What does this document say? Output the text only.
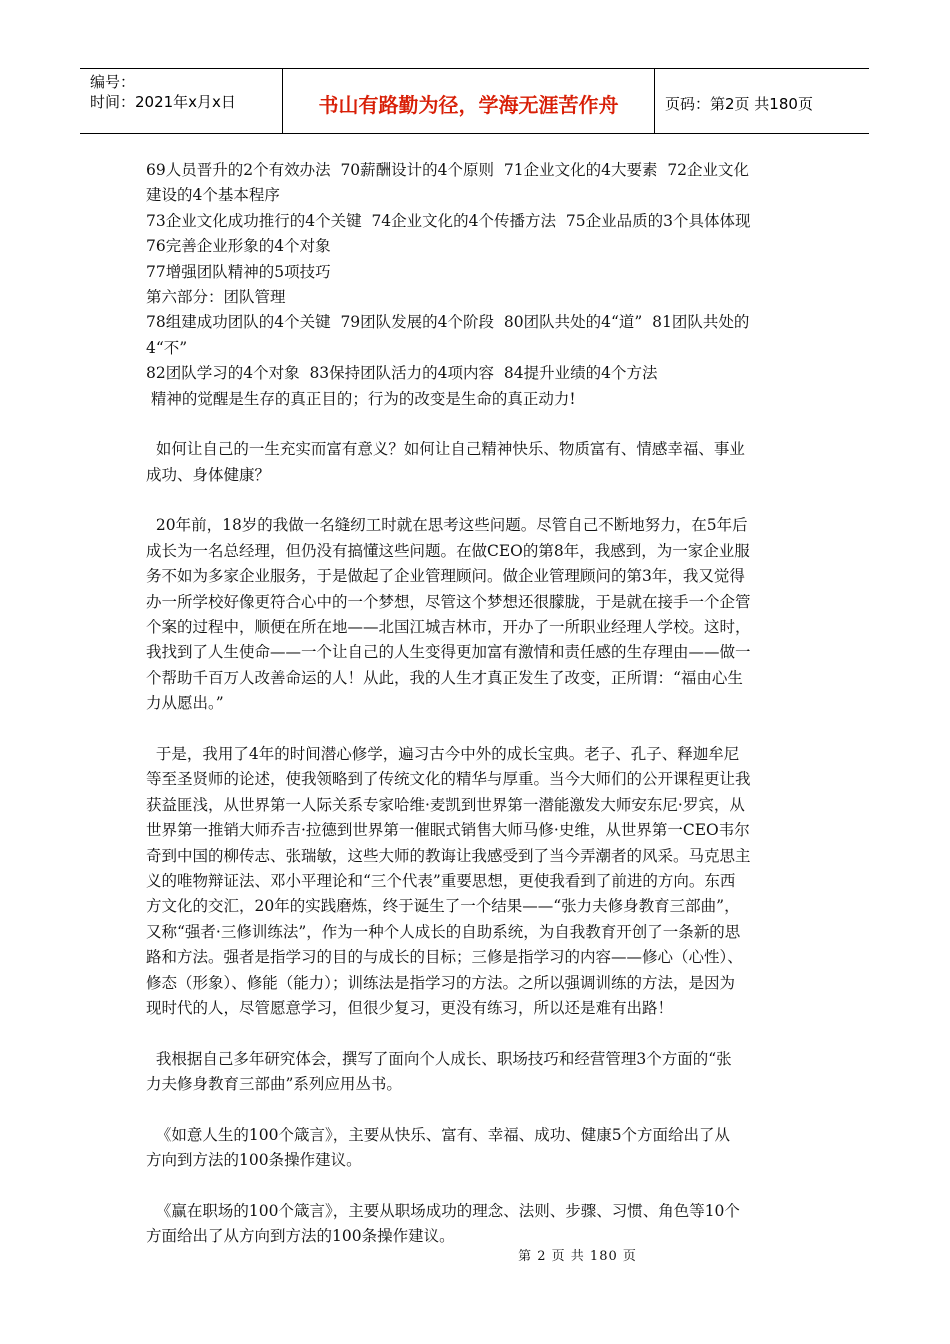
编号：
时间：2021年x月x日	书山有路勤为径，学海无涯苦作舟	页码：第2页 共180页
69人员晋升的2个有效办法  70薪酬设计的4个原则  71企业文化的4大要素  72企业文化
建设的4个基本程序
73企业文化成功推行的4个关键  74企业文化的4个传播方法  75企业品质的3个具体体现
76完善企业形象的4个对象
77增强团队精神的5项技巧
第六部分：团队管理
78组建成功团队的4个关键  79团队发展的4个阶段  80团队共处的4“道”  81团队共处的
4“不”
82团队学习的4个对象  83保持团队活力的4项内容  84提升业绩的4个方法
精神的觉醒是生存的真正目的；行为的改变是生命的真正动力!
如何让自己的一生充实而富有意义？如何让自己精神快乐、物质富有、情感幸福、事业
成功、身体健康？
20年前，18岁的我做一名缝纫工时就在思考这些问题。尽管自己不断地努力，在5年后
成长为一名总经理，但仍没有搞懂这些问题。在做CEO的第8年，我感到，为一家企业服
务不如为多家企业服务，于是做起了企业管理顾问。做企业管理顾问的第3年，我又觉得
办一所学校好像更符合心中的一个梦想，尽管这个梦想还很朦胧，于是就在接手一个企管
个案的过程中，顺便在所在地——北国江城吉林市，开办了一所职业经理人学校。这时，
我找到了人生使命——一个让自己的人生变得更加富有激情和责任感的生存理由——做一
个帮助千百万人改善命运的人！从此，我的人生才真正发生了改变，正所谓：“福由心生
力从愿出。”
于是，我用了4年的时间潜心修学，遍习古今中外的成长宝典。老子、孔子、释迦牟尼
等至圣贤师的论述，使我领略到了传统文化的精华与厚重。当今大师们的公开课程更让我
获益匪浅，从世界第一人际关系专家哈维·麦凯到世界第一潜能激发大师安东尼·罗宾，从
世界第一推销大师乔吉·拉德到世界第一催眠式销售大师马修·史维，从世界第一CEO韦尔
奇到中国的柳传志、张瑞敏，这些大师的教诲让我感受到了当今弄潮者的风采。马克思主
义的唯物辩证法、邓小平理论和“三个代表”重要思想，更使我看到了前进的方向。东西
方文化的交汇，20年的实践磨炼，终于诞生了一个结果——“张力夫修身教育三部曲”，
又称“强者·三修训练法”，作为一种个人成长的自助系统，为自我教育开创了一条新的思
路和方法。强者是指学习的目的与成长的目标；三修是指学习的内容——修心（心性）、
修态（形象）、修能（能力）；训练法是指学习的方法。之所以强调训练的方法，是因为
现时代的人，尽管愿意学习，但很少复习，更没有练习，所以还是难有出路！
我根据自己多年研究体会，撰写了面向个人成长、职场技巧和经营管理3个方面的“张
力夫修身教育三部曲”系列应用丛书。
《如意人生的100个箴言》，主要从快乐、富有、幸福、成功、健康5个方面给出了从
方向到方法的100条操作建议。
《赢在职场的100个箴言》，主要从职场成功的理念、法则、步骤、习惯、角色等10个
方面给出了从方向到方法的100条操作建议。
第 2 页 共 180 页
